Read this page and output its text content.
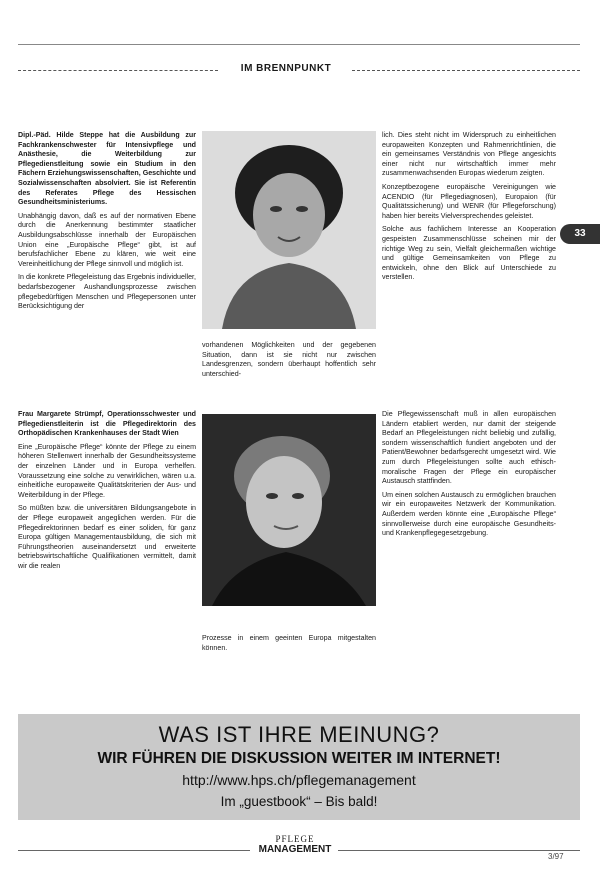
IM BRENNPUNKT
33

Dipl.-Päd. Hilde Steppe hat die Ausbildung zur Fachkrankenschwester für Intensivpflege und Anästhesie, die Weiterbildung zur Pflegedienstleitung sowie ein Studium in den Fächern Erziehungswissenschaften, Geschichte und Sozialwissenschaften absolviert. Sie ist Referentin des Referates Pflege des Hessischen Gesundheitsministeriums.

Unabhängig davon, daß es auf der normativen Ebene durch die Anerkennung bestimmter staatlicher Ausbildungsabschlüsse innerhalb der Europäischen Union eine „Europäische Pflege“ gibt, ist auf berufsfachlicher Ebene zu klären, wie weit eine Vereinheitlichung der Pflege sinnvoll und möglich ist.

In die konkrete Pflegeleistung das Ergebnis individueller, bedarfsbezogener Aushandlungsprozesse zwischen pflegebedürftigen Menschen und Pflegepersonen unter Berücksichtigung der

vorhandenen Möglichkeiten und der gegebenen Situation, dann ist sie nicht nur zwischen Landesgrenzen, sondern überhaupt hoffentlich sehr unterschied-

lich. Dies steht nicht im Widerspruch zu einheitlichen europaweiten Konzepten und Rahmenrichtlinien, die ein gemeinsames Verständnis von Pflege angesichts einer nicht nur wirtschaftlich immer mehr zusammenwachsenden Europas wiederum zeigten.

Konzeptbezogene europäische Vereinigungen wie ACENDIO (für Pflegediagnosen), Europaion (für Qualitätssicherung) und WENR (für Pflegeforschung) haben hier bereits Vielversprechendes geleistet.

Solche aus fachlichem Interesse an Kooperation gespeisten Zusammenschlüsse scheinen mir der richtige Weg zu sein, Vielfalt gleichermaßen wichtige und gültige Gemeinsamkeiten von Pflege zu entwickeln, ohne den Blick auf Unterschiede zu verstellen.

Frau Margarete Strümpf, Operationsschwester und Pflegedienstleiterin ist die Pflegedirektorin des Orthopädischen Krankenhauses der Stadt Wien

Eine „Europäische Pflege“ könnte der Pflege zu einem höheren Stellenwert innerhalb der Gesundheitssysteme der einzelnen Länder und in Europa verhelfen. Voraussetzung eine solche zu verwirklichen, wären u.a. einheitliche europaweite Qualitätskriterien der Aus- und Weiterbildung in der Pflege.

So müßten bzw. die universitären Bildungsangebote in der Pflege europaweit angeglichen werden. Für die Pflegedirektorinnen bedarf es einer soliden, für ganz Europa gültigen Managementausbildung, die sich mit Führungstheorien auseinandersetzt und erweiterte betriebswirtschaftliche Qualifikationen vermittelt, damit wir die realen

Prozesse in einem geeinten Europa mitgestalten können.

Die Pflegewissenschaft muß in allen europäischen Ländern etabliert werden, nur damit der steigende Bedarf an Pflegeleistungen nicht beliebig und zufällig, sondern wissenschaftlich fundiert angeboten und der Patient/Bewohner bedarfsgerecht umgesetzt wird. Wie zum durch Pflegeleistungen sollte auch ethisch-moralische Fragen der Pflege ein europäischer Austausch stattfinden.

Um einen solchen Austausch zu ermöglichen brauchen wir ein europaweites Netzwerk der Kommunikation. Außerdem werden könnte eine „Europäische Pflege“ sinnvollerweise durch eine europäische Gesundheits- und Krankenpflegegesetzgebung.

WAS IST IHRE MEINUNG?
WIR FÜHREN DIE DISKUSSION WEITER IM INTERNET!
http://www.hps.ch/pflegemanagement
Im „guestbook“ – Bis bald!
PFLEGE
MANAGEMENT
3/97
